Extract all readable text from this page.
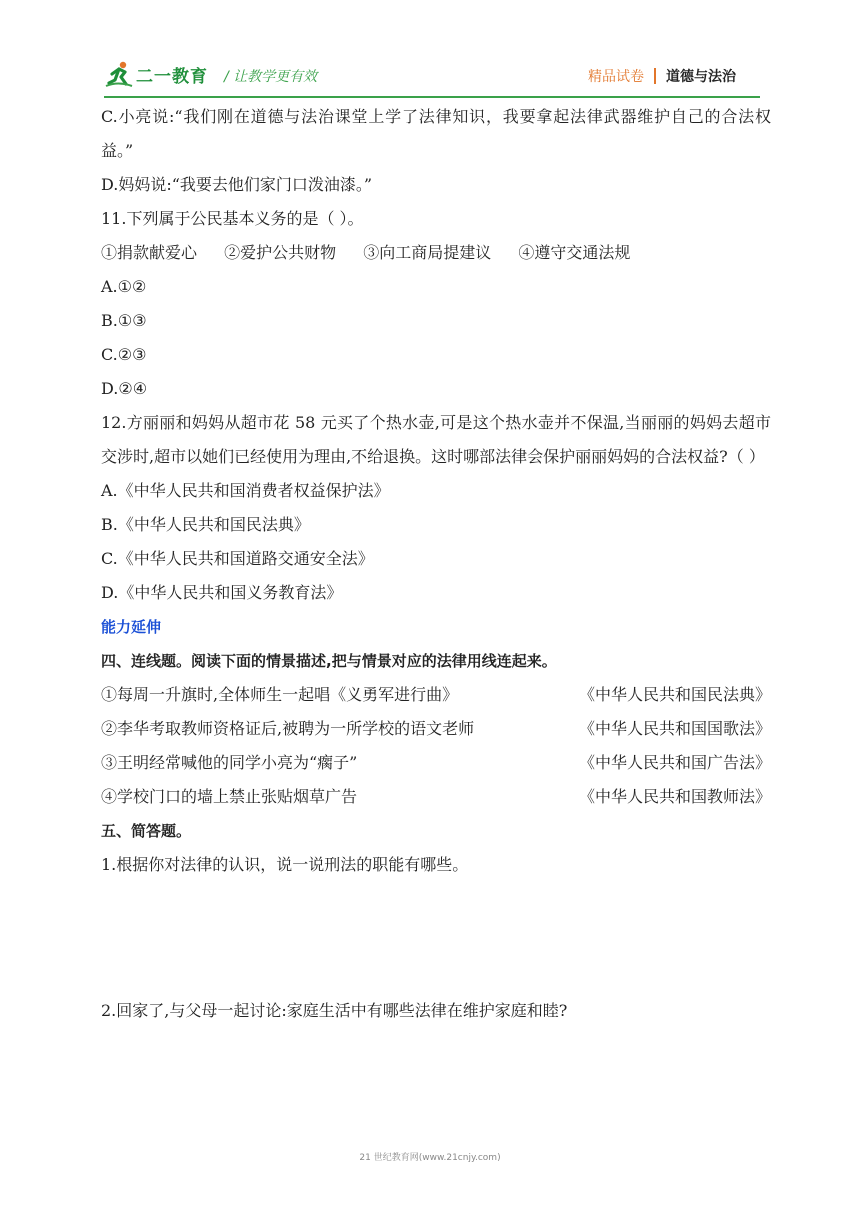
二一教育 / 让教学更有效	精品试卷 道德与法治
C.小亮说:“我们刚在道德与法治课堂上学了法律知识，我要拿起法律武器维护自己的合法权益。”
D.妈妈说:“我要去他们家门口泼油漆。”
11.下列属于公民基本义务的是（ ）。
①捐款献爱心 ②爱护公共财物 ③向工商局提建议 ④遵守交通法规
A.①②
B.①③
C.②③
D.②④
12.方丽丽和妈妈从超市花 58 元买了个热水壶,可是这个热水壶并不保温,当丽丽的妈妈去超市交涉时,超市以她们已经使用为理由,不给退换。这时哪部法律会保护丽丽妈妈的合法权益?（ ）
A.《中华人民共和国消费者权益保护法》
B.《中华人民共和国民法典》
C.《中华人民共和国道路交通安全法》
D.《中华人民共和国义务教育法》
能力延伸
四、连线题。阅读下面的情景描述,把与情景对应的法律用线连起来。
①每周一升旗时,全体师生一起唱《义勇军进行曲》	《中华人民共和国民法典》
②李华考取教师资格证后,被聘为一所学校的语文老师	《中华人民共和国国歌法》
③王明经常喊他的同学小亮为“瘸子”	《中华人民共和国广告法》
④学校门口的墙上禁止张贴烟草广告	《中华人民共和国教师法》
五、简答题。
1.根据你对法律的认识，说一说刑法的职能有哪些。
2.回家了,与父母一起讨论:家庭生活中有哪些法律在维护家庭和睦?
21 世纪教育网(www.21cnjy.com)
